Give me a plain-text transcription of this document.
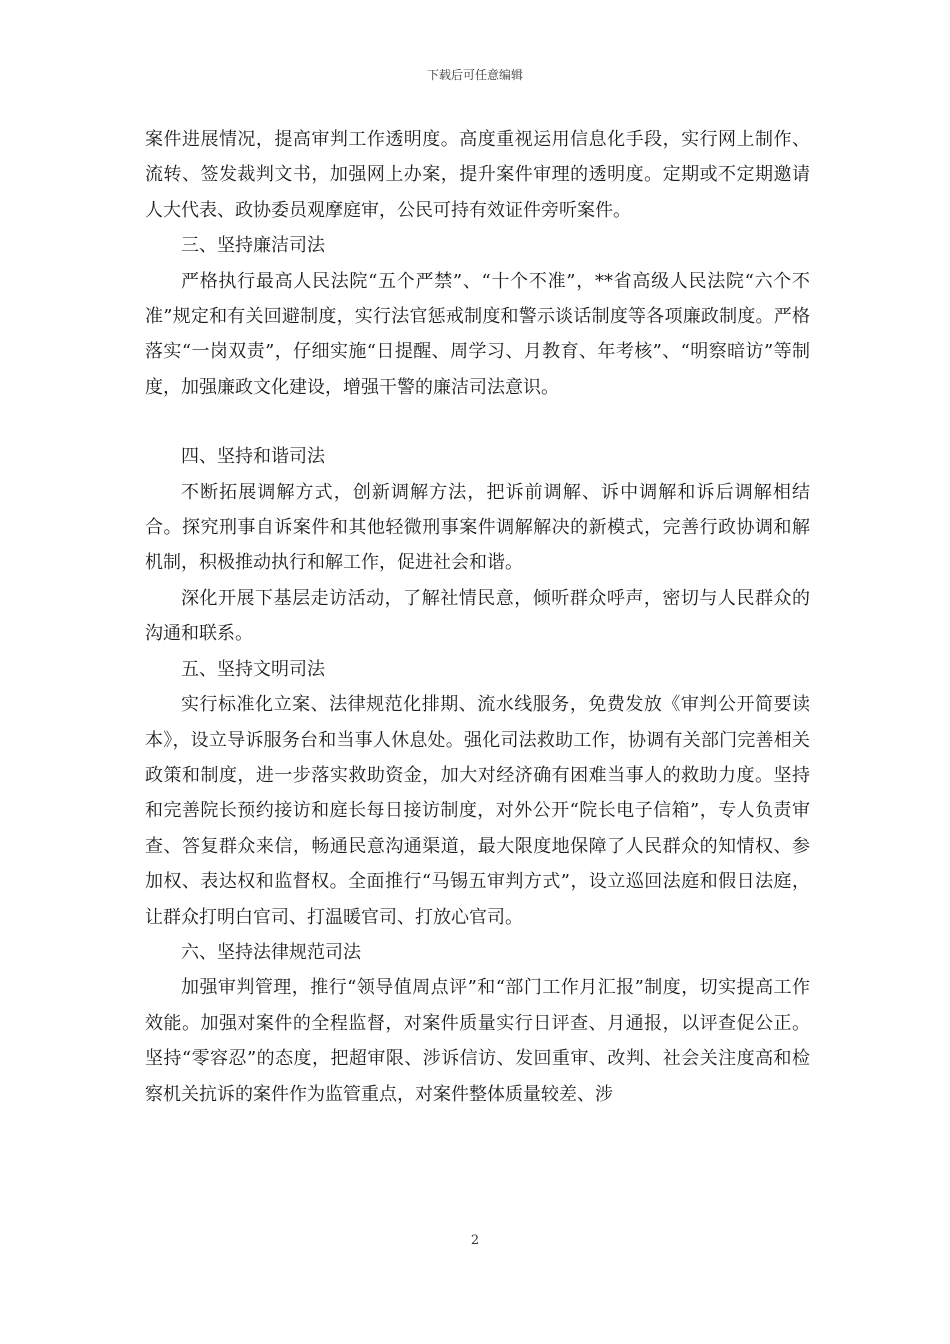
下载后可任意编辑

案件进展情况，提高审判工作透明度。高度重视运用信息化手段，实行网上制作、流转、签发裁判文书，加强网上办案，提升案件审理的透明度。定期或不定期邀请人大代表、政协委员观摩庭审，公民可持有效证件旁听案件。

三、坚持廉洁司法

严格执行最高人民法院“五个严禁”、“十个不准”，**省高级人民法院“六个不准”规定和有关回避制度，实行法官惩戒制度和警示谈话制度等各项廉政制度。严格落实“一岗双责”，仔细实施“日提醒、周学习、月教育、年考核”、“明察暗访”等制度，加强廉政文化建设，增强干警的廉洁司法意识。

四、坚持和谐司法

不断拓展调解方式，创新调解方法，把诉前调解、诉中调解和诉后调解相结合。探究刑事自诉案件和其他轻微刑事案件调解解决的新模式，完善行政协调和解机制，积极推动执行和解工作，促进社会和谐。

深化开展下基层走访活动，了解社情民意，倾听群众呼声，密切与人民群众的沟通和联系。

五、坚持文明司法

实行标准化立案、法律规范化排期、流水线服务，免费发放《审判公开简要读本》，设立导诉服务台和当事人休息处。强化司法救助工作，协调有关部门完善相关政策和制度，进一步落实救助资金，加大对经济确有困难当事人的救助力度。坚持和完善院长预约接访和庭长每日接访制度，对外公开“院长电子信箱”，专人负责审查、答复群众来信，畅通民意沟通渠道，最大限度地保障了人民群众的知情权、参加权、表达权和监督权。全面推行“马锡五审判方式”，设立巡回法庭和假日法庭，让群众打明白官司、打温暖官司、打放心官司。

六、坚持法律规范司法

加强审判管理，推行“领导值周点评”和“部门工作月汇报”制度，切实提高工作效能。加强对案件的全程监督，对案件质量实行日评查、月通报，以评查促公正。坚持“零容忍”的态度，把超审限、涉诉信访、发回重审、改判、社会关注度高和检察机关抗诉的案件作为监管重点，对案件整体质量较差、涉

2
